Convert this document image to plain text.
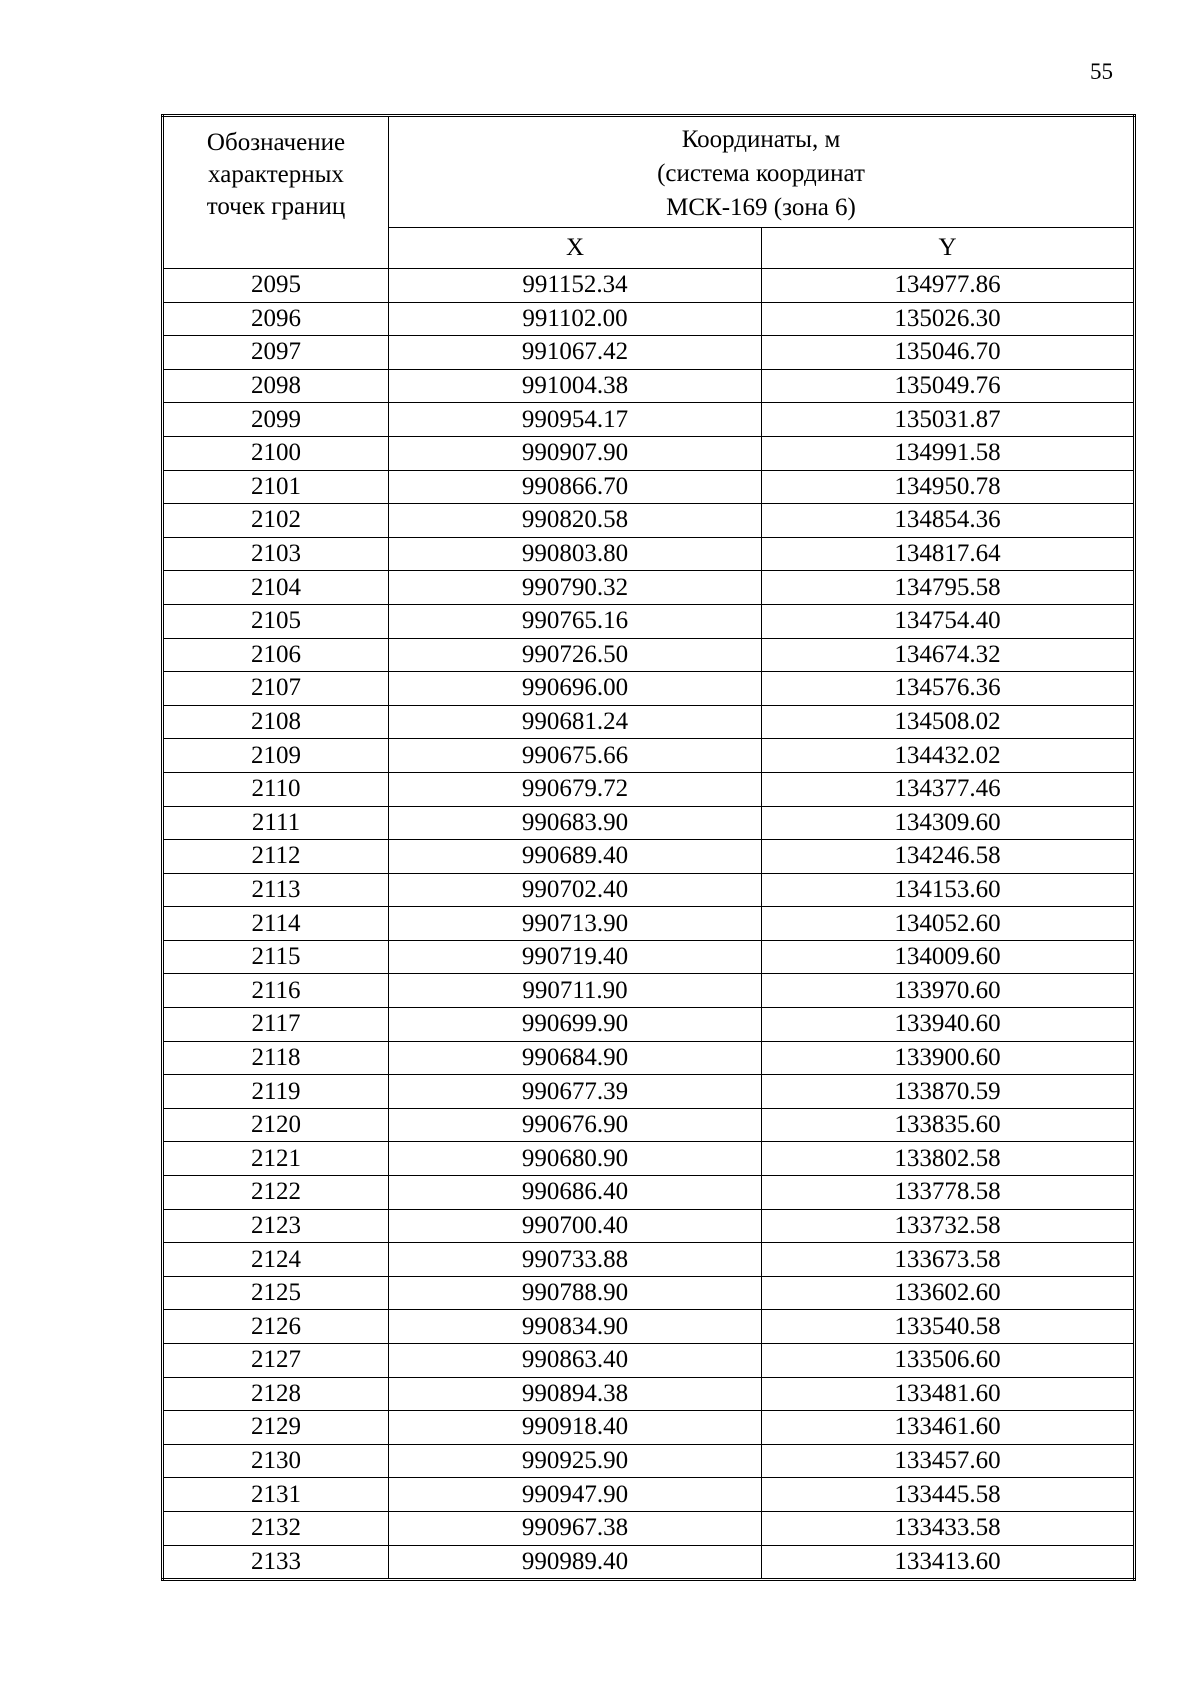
55
Обозначение
характерных
точек границ	Координаты, м
(система координат
МСК-169 (зона 6)	

	X	Y
2095	991152.34	134977.86
2096	991102.00	135026.30
2097	991067.42	135046.70
2098	991004.38	135049.76
2099	990954.17	135031.87
2100	990907.90	134991.58
2101	990866.70	134950.78
2102	990820.58	134854.36
2103	990803.80	134817.64
2104	990790.32	134795.58
2105	990765.16	134754.40
2106	990726.50	134674.32
2107	990696.00	134576.36
2108	990681.24	134508.02
2109	990675.66	134432.02
2110	990679.72	134377.46
2111	990683.90	134309.60
2112	990689.40	134246.58
2113	990702.40	134153.60
2114	990713.90	134052.60
2115	990719.40	134009.60
2116	990711.90	133970.60
2117	990699.90	133940.60
2118	990684.90	133900.60
2119	990677.39	133870.59
2120	990676.90	133835.60
2121	990680.90	133802.58
2122	990686.40	133778.58
2123	990700.40	133732.58
2124	990733.88	133673.58
2125	990788.90	133602.60
2126	990834.90	133540.58
2127	990863.40	133506.60
2128	990894.38	133481.60
2129	990918.40	133461.60
2130	990925.90	133457.60
2131	990947.90	133445.58
2132	990967.38	133433.58
2133	990989.40	133413.60
